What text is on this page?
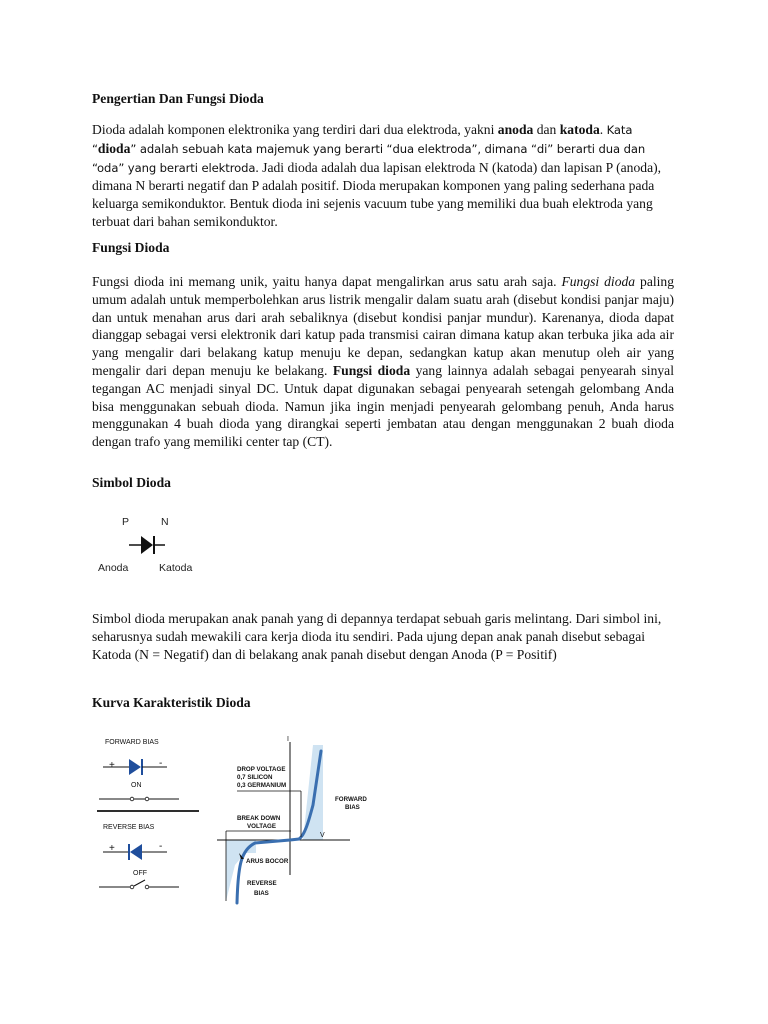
Pengertian Dan Fungsi Dioda

Dioda adalah komponen elektronika yang terdiri dari dua elektroda, yakni anoda dan katoda. Kata “dioda” adalah sebuah kata majemuk yang berarti “dua elektroda”, dimana “di” berarti dua dan “oda” yang berarti elektroda. Jadi dioda adalah dua lapisan elektroda N (katoda) dan lapisan P (anoda), dimana N berarti negatif dan P adalah positif. Dioda merupakan komponen yang paling sederhana pada keluarga semikonduktor. Bentuk dioda ini sejenis vacuum tube yang memiliki dua buah elektroda yang terbuat dari bahan semikonduktor.

Fungsi Dioda

Fungsi dioda ini memang unik, yaitu hanya dapat mengalirkan arus satu arah saja. Fungsi dioda paling umum adalah untuk memperbolehkan arus listrik mengalir dalam suatu arah (disebut kondisi panjar maju) dan untuk menahan arus dari arah sebaliknya (disebut kondisi panjar mundur). Karenanya, dioda dapat dianggap sebagai versi elektronik dari katup pada transmisi cairan dimana katup akan terbuka jika ada air yang mengalir dari belakang katup menuju ke depan, sedangkan katup akan menutup oleh air yang mengalir dari depan menuju ke belakang. Fungsi dioda yang lainnya adalah sebagai penyearah sinyal tegangan AC menjadi sinyal DC. Untuk dapat digunakan sebagai penyearah setengah gelombang Anda bisa menggunakan sebuah dioda. Namun jika ingin menjadi penyearah gelombang penuh, Anda harus menggunakan 4 buah dioda yang dirangkai seperti jembatan atau dengan menggunakan 2 buah dioda dengan trafo yang memiliki center tap (CT).

Simbol Dioda

P	N
Anoda	Katoda

Simbol dioda merupakan anak panah yang di depannya terdapat sebuah garis melintang. Dari simbol ini, seharusnya sudah mewakili cara kerja dioda itu sendiri. Pada ujung depan anak panah disebut sebagai Katoda (N = Negatif) dan di belakang anak panah disebut dengan Anoda (P = Positif)

Kurva Karakteristik Dioda

FORWARD BIAS
+	-
ON
REVERSE BIAS
+	-
OFF
I
V
DROP VOLTAGE
0,7 SILICON
0,3 GERMANIUM
BREAK DOWN
VOLTAGE
FORWARD
BIAS
ARUS BOCOR
REVERSE
BIAS
